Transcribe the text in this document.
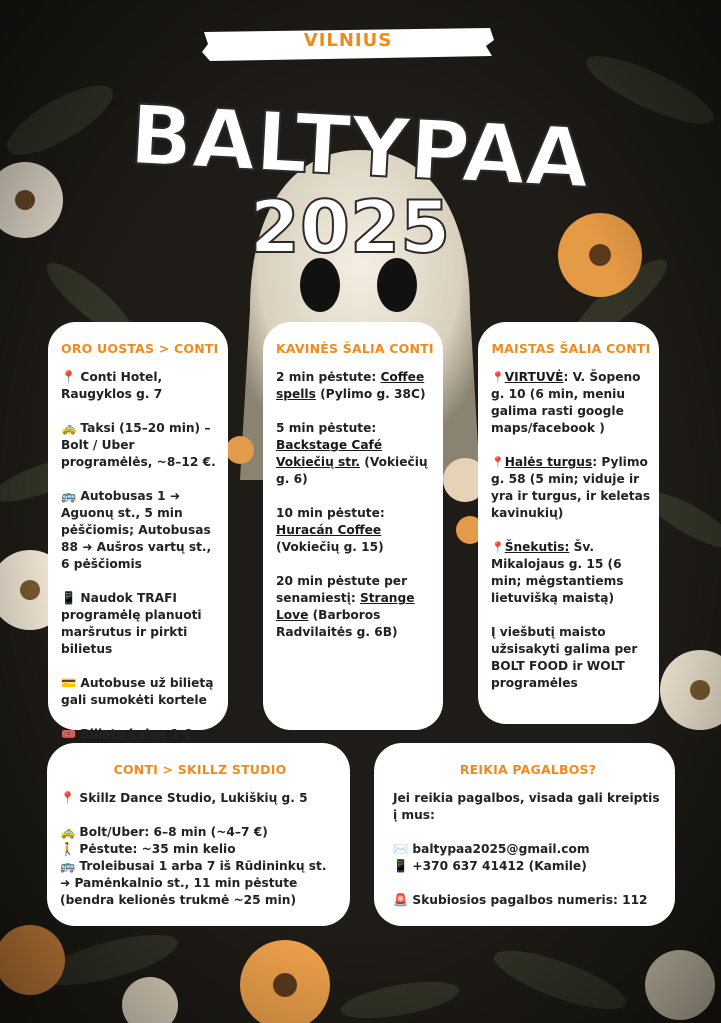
VILNIUS
BALTYPAA
2025
ORO UOSTAS > CONTI

📍 Conti Hotel, Raugyklos g. 7

🚕 Taksi (15–20 min) – Bolt / Uber programėlės, ~8–12 €.

🚌 Autobusas 1 ➜ Aguonų st., 5 min pėščiomis; Autobusas 88 ➜ Aušros vartų st., 6 pėščiomis

📱 Naudok TRAFI programėlę planuoti maršrutus ir pirkti bilietus

💳 Autobuse už bilietą gali sumokėti kortele

🎟️ Bilieto kaina 1 €

KAVINĖS ŠALIA CONTI

2 min pėstute: Coffee spells (Pylimo g. 38C)

5 min pėstute: Backstage Café Vokiečių str. (Vokiečių g. 6)

10 min pėstute: Huracán Coffee (Vokiečių g. 15)

20 min pėstute per senamiestį: Strange Love (Barboros Radvilaitės g. 6B)

MAISTAS ŠALIA CONTI

📍VIRTUVĖ: V. Šopeno g. 10 (6 min, meniu galima rasti google maps/facebook )

📍Halės turgus: Pylimo g. 58 (5 min; viduje ir yra ir turgus, ir keletas kavinukių)

📍Šnekutis: Šv. Mikalojaus g. 15 (6 min; mėgstantiems lietuvišką maistą)

Į viešbutį maisto užsisakyti galima per BOLT FOOD ir WOLT programėles

CONTI > SKILLZ STUDIO

📍 Skillz Dance Studio, Lukiškių g. 5

🚕 Bolt/Uber: 6–8 min (~4–7 €)

🚶 Pėstute: ~35 min kelio

🚌 Troleibusai 1 arba 7 iš Rūdininkų st. ➜ Pamėnkalnio st., 11 min pėstute (bendra kelionės trukmė ~25 min)

REIKIA PAGALBOS?

Jei reikia pagalbos, visada gali kreiptis į mus:

✉️ baltypaa2025@gmail.com

📱 +370 637 41412 (Kamile)

🚨 Skubiosios pagalbos numeris: 112
